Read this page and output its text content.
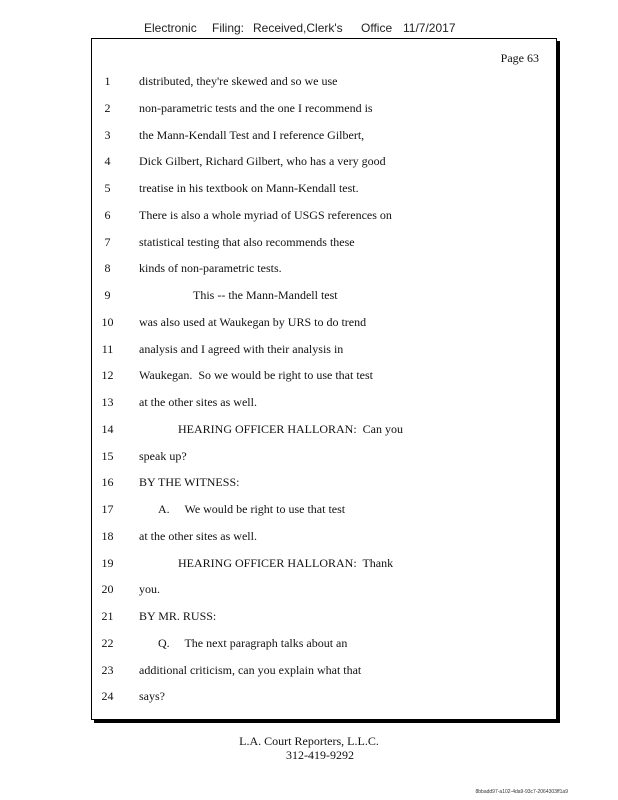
Electronic Filing: Received,Clerk's Office 11/7/2017
Page 63
1	distributed, they're skewed and so we use
2	non-parametric tests and the one I recommend is
3	the Mann-Kendall Test and I reference Gilbert,
4	Dick Gilbert, Richard Gilbert, who has a very good
5	treatise in his textbook on Mann-Kendall test.
6	There is also a whole myriad of USGS references on
7	statistical testing that also recommends these
8	kinds of non-parametric tests.
9	This -- the Mann-Mandell test
10	was also used at Waukegan by URS to do trend
11	analysis and I agreed with their analysis in
12	Waukegan.  So we would be right to use that test
13	at the other sites as well.
14	HEARING OFFICER HALLORAN:  Can you
15	speak up?
16	BY THE WITNESS:
17	A.     We would be right to use that test
18	at the other sites as well.
19	HEARING OFFICER HALLORAN:  Thank
20	you.
21	BY MR. RUSS:
22	Q.     The next paragraph talks about an
23	additional criticism, can you explain what that
24	says?
L.A. Court Reporters, L.L.C.
312-419-9292
8bbadd97-a102-4da9-93c7-2064303ff1a9
